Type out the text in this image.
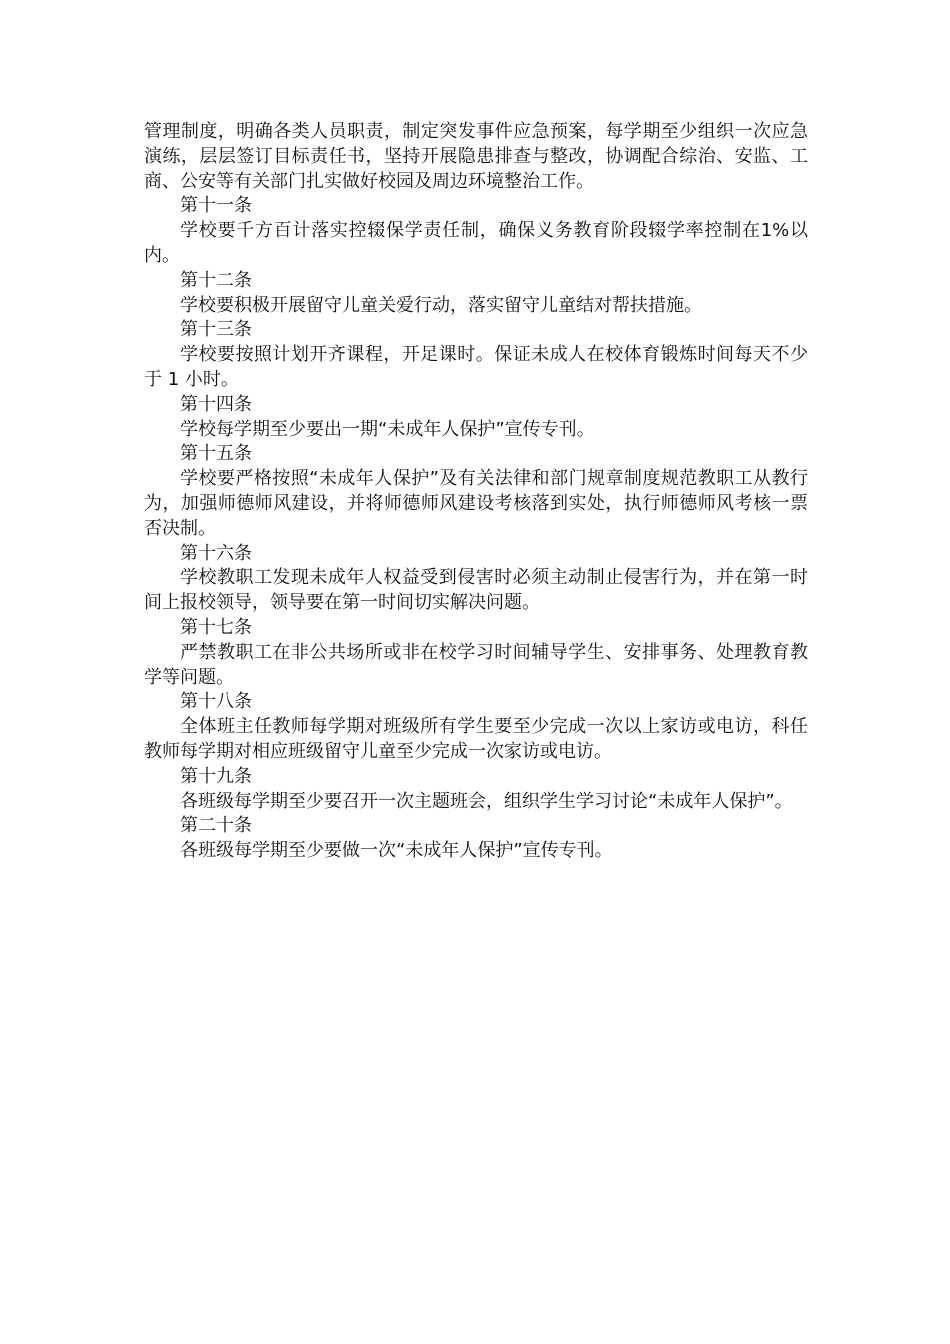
管理制度，明确各类人员职责，制定突发事件应急预案，每学期至少组织一次应急演练，层层签订目标责任书，坚持开展隐患排查与整改，协调配合综治、安监、工商、公安等有关部门扎实做好校园及周边环境整治工作。

第十一条

学校要千方百计落实控辍保学责任制，确保义务教育阶段辍学率控制在1%以内。

第十二条

学校要积极开展留守儿童关爱行动，落实留守儿童结对帮扶措施。

第十三条

学校要按照计划开齐课程，开足课时。保证未成人在校体育锻炼时间每天不少于 1 小时。

第十四条

学校每学期至少要出一期“未成年人保护”宣传专刊。

第十五条

学校要严格按照“未成年人保护”及有关法律和部门规章制度规范教职工从教行为，加强师德师风建设，并将师德师风建设考核落到实处，执行师德师风考核一票否决制。

第十六条

学校教职工发现未成年人权益受到侵害时必须主动制止侵害行为，并在第一时间上报校领导，领导要在第一时间切实解决问题。

第十七条

严禁教职工在非公共场所或非在校学习时间辅导学生、安排事务、处理教育教学等问题。

第十八条

全体班主任教师每学期对班级所有学生要至少完成一次以上家访或电访，科任教师每学期对相应班级留守儿童至少完成一次家访或电访。

第十九条

各班级每学期至少要召开一次主题班会，组织学生学习讨论“未成年人保护”。

第二十条

各班级每学期至少要做一次“未成年人保护”宣传专刊。
